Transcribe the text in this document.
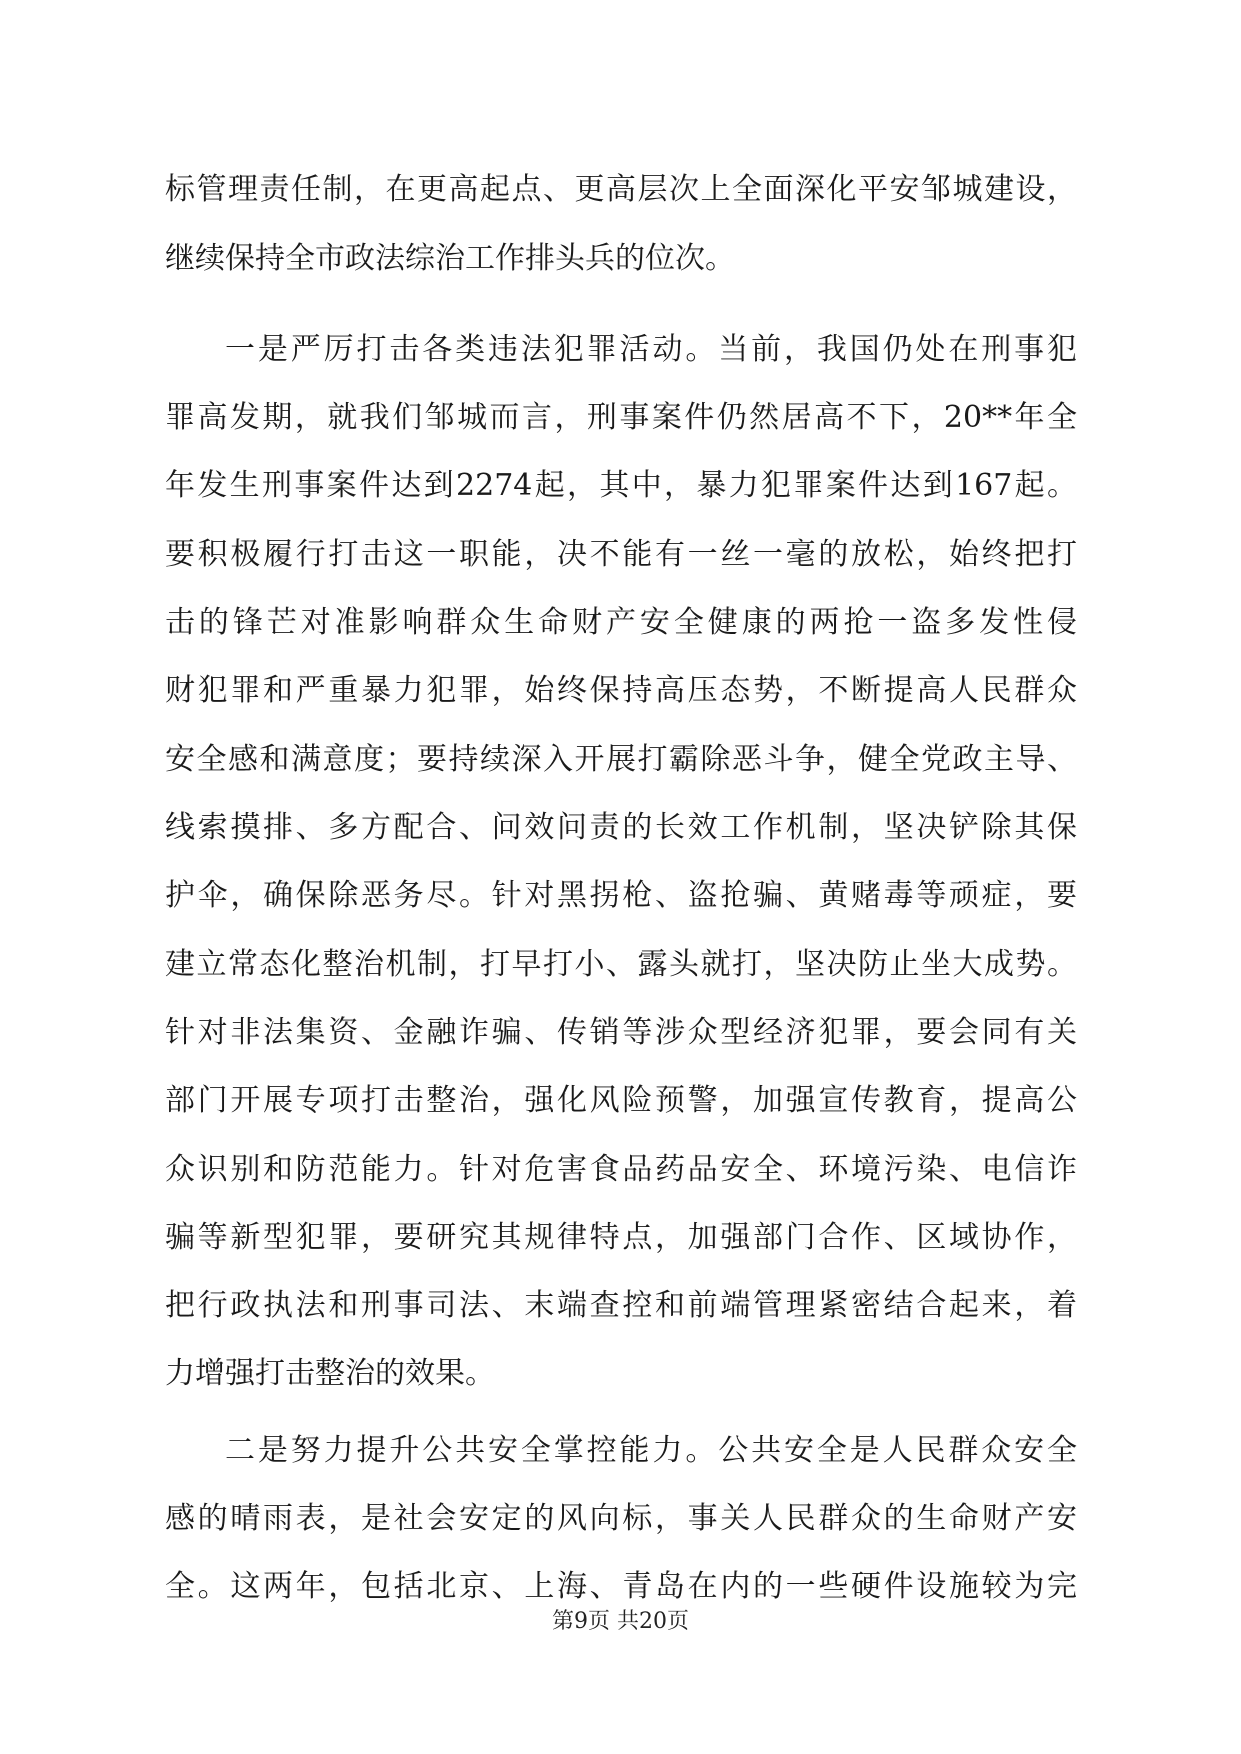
标管理责任制，在更高起点、更高层次上全面深化平安邹城建设，
继续保持全市政法综治工作排头兵的位次。
一是严厉打击各类违法犯罪活动。当前，我国仍处在刑事犯
罪高发期，就我们邹城而言，刑事案件仍然居高不下，20**年全
年发生刑事案件达到2274起，其中，暴力犯罪案件达到167起。
要积极履行打击这一职能，决不能有一丝一毫的放松，始终把打
击的锋芒对准影响群众生命财产安全健康的两抢一盗多发性侵
财犯罪和严重暴力犯罪，始终保持高压态势，不断提高人民群众
安全感和满意度；要持续深入开展打霸除恶斗争，健全党政主导、
线索摸排、多方配合、问效问责的长效工作机制，坚决铲除其保
护伞，确保除恶务尽。针对黑拐枪、盗抢骗、黄赌毒等顽症，要
建立常态化整治机制，打早打小、露头就打，坚决防止坐大成势。
针对非法集资、金融诈骗、传销等涉众型经济犯罪，要会同有关
部门开展专项打击整治，强化风险预警，加强宣传教育，提高公
众识别和防范能力。针对危害食品药品安全、环境污染、电信诈
骗等新型犯罪，要研究其规律特点，加强部门合作、区域协作，
把行政执法和刑事司法、末端查控和前端管理紧密结合起来，着
力增强打击整治的效果。
二是努力提升公共安全掌控能力。公共安全是人民群众安全
感的晴雨表，是社会安定的风向标，事关人民群众的生命财产安
全。这两年，包括北京、上海、青岛在内的一些硬件设施较为完
第9页 共20页
